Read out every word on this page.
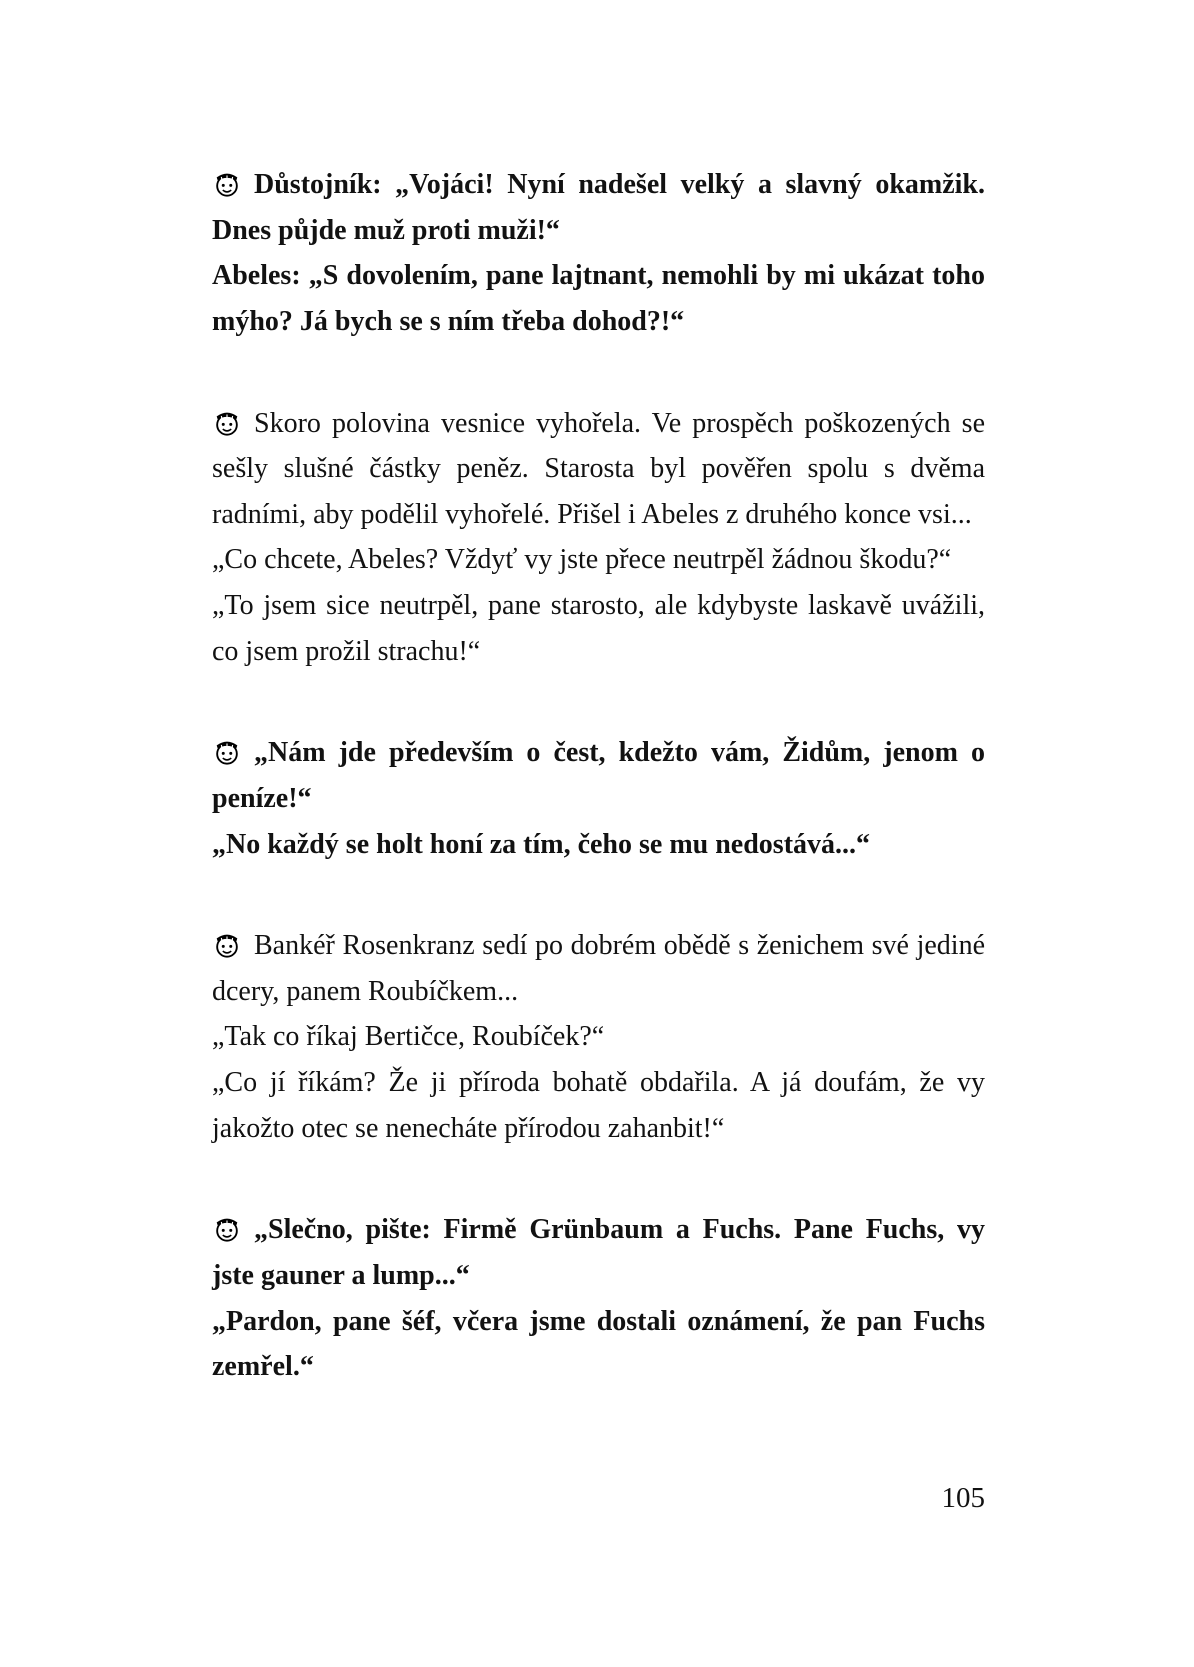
Důstojník: „Vojáci! Nyní nadešel velký a slavný okamžik. Dnes půjde muž proti muži!“

Abeles: „S dovolením, pane lajtnant, nemohli by mi ukázat toho mýho? Já bych se s ním třeba dohod?!“

Skoro polovina vesnice vyhořela. Ve prospěch poškozených se sešly slušné částky peněz. Starosta byl pověřen spolu s dvěma radními, aby podělil vyhořelé. Přišel i Abeles z druhého konce vsi...

„Co chcete, Abeles? Vždyť vy jste přece neutrpěl žádnou škodu?“

„To jsem sice neutrpěl, pane starosto, ale kdybyste laskavě uvážili, co jsem prožil strachu!“

„Nám jde především o čest, kdežto vám, Židům, jenom o peníze!“

„No každý se holt honí za tím, čeho se mu nedostává...“

Bankéř Rosenkranz sedí po dobrém obědě s ženichem své jediné dcery, panem Roubíčkem...

„Tak co říkaj Bertičce, Roubíček?“

„Co jí říkám? Že ji příroda bohatě obdařila. A já doufám, že vy jakožto otec se nenecháte přírodou zahanbit!“

„Slečno, pište: Firmě Grünbaum a Fuchs. Pane Fuchs, vy jste gauner a lump...“

„Pardon, pane šéf, včera jsme dostali oznámení, že pan Fuchs zemřel.“

105
